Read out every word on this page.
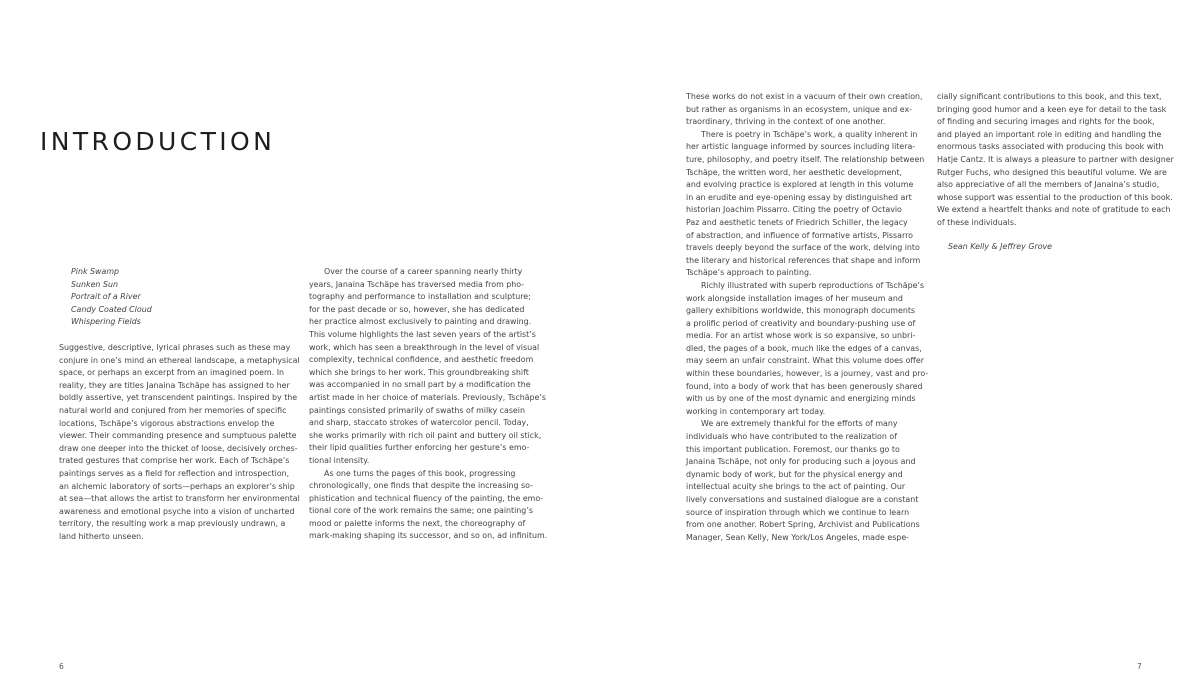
INTRODUCTION
Pink Swamp
Sunken Sun
Portrait of a River
Candy Coated Cloud
Whispering Fields
Suggestive, descriptive, lyrical phrases such as these may
conjure in one’s mind an ethereal landscape, a metaphysical
space, or perhaps an excerpt from an imagined poem. In
reality, they are titles Janaina Tschäpe has assigned to her
boldly assertive, yet transcendent paintings. Inspired by the
natural world and conjured from her memories of specific
locations, Tschäpe’s vigorous abstractions envelop the
viewer. Their commanding presence and sumptuous palette
draw one deeper into the thicket of loose, decisively orches-
trated gestures that comprise her work. Each of Tschäpe’s
paintings serves as a field for reflection and introspection,
an alchemic laboratory of sorts—perhaps an explorer’s ship
at sea—that allows the artist to transform her environmental
awareness and emotional psyche into a vision of uncharted
territory, the resulting work a map previously undrawn, a
land hitherto unseen.
Over the course of a career spanning nearly thirty
years, Janaina Tschäpe has traversed media from pho-
tography and performance to installation and sculpture;
for the past decade or so, however, she has dedicated
her practice almost exclusively to painting and drawing.
This volume highlights the last seven years of the artist’s
work, which has seen a breakthrough in the level of visual
complexity, technical confidence, and aesthetic freedom
which she brings to her work. This groundbreaking shift
was accompanied in no small part by a modification the
artist made in her choice of materials. Previously, Tschäpe’s
paintings consisted primarily of swaths of milky casein
and sharp, staccato strokes of watercolor pencil. Today,
she works primarily with rich oil paint and buttery oil stick,
their lipid qualities further enforcing her gesture’s emo-
tional intensity.
As one turns the pages of this book, progressing
chronologically, one finds that despite the increasing so-
phistication and technical fluency of the painting, the emo-
tional core of the work remains the same; one painting’s
mood or palette informs the next, the choreography of
mark-making shaping its successor, and so on, ad infinitum.
These works do not exist in a vacuum of their own creation,
but rather as organisms in an ecosystem, unique and ex-
traordinary, thriving in the context of one another.
There is poetry in Tschäpe’s work, a quality inherent in
her artistic language informed by sources including litera-
ture, philosophy, and poetry itself. The relationship between
Tschäpe, the written word, her aesthetic development,
and evolving practice is explored at length in this volume
in an erudite and eye-opening essay by distinguished art
historian Joachim Pissarro. Citing the poetry of Octavio
Paz and aesthetic tenets of Friedrich Schiller, the legacy
of abstraction, and influence of formative artists, Pissarro
travels deeply beyond the surface of the work, delving into
the literary and historical references that shape and inform
Tschäpe’s approach to painting.
Richly illustrated with superb reproductions of Tschäpe’s
work alongside installation images of her museum and
gallery exhibitions worldwide, this monograph documents
a prolific period of creativity and boundary-pushing use of
media. For an artist whose work is so expansive, so unbri-
dled, the pages of a book, much like the edges of a canvas,
may seem an unfair constraint. What this volume does offer
within these boundaries, however, is a journey, vast and pro-
found, into a body of work that has been generously shared
with us by one of the most dynamic and energizing minds
working in contemporary art today.
We are extremely thankful for the efforts of many
individuals who have contributed to the realization of
this important publication. Foremost, our thanks go to
Janaina Tschäpe, not only for producing such a joyous and
dynamic body of work, but for the physical energy and
intellectual acuity she brings to the act of painting. Our
lively conversations and sustained dialogue are a constant
source of inspiration through which we continue to learn
from one another. Robert Spring, Archivist and Publications
Manager, Sean Kelly, New York/Los Angeles, made espe-
cially significant contributions to this book, and this text,
bringing good humor and a keen eye for detail to the task
of finding and securing images and rights for the book,
and played an important role in editing and handling the
enormous tasks associated with producing this book with
Hatje Cantz. It is always a pleasure to partner with designer
Rutger Fuchs, who designed this beautiful volume. We are
also appreciative of all the members of Janaina’s studio,
whose support was essential to the production of this book.
We extend a heartfelt thanks and note of gratitude to each
of these individuals.
Sean Kelly & Jeffrey Grove
6	7
